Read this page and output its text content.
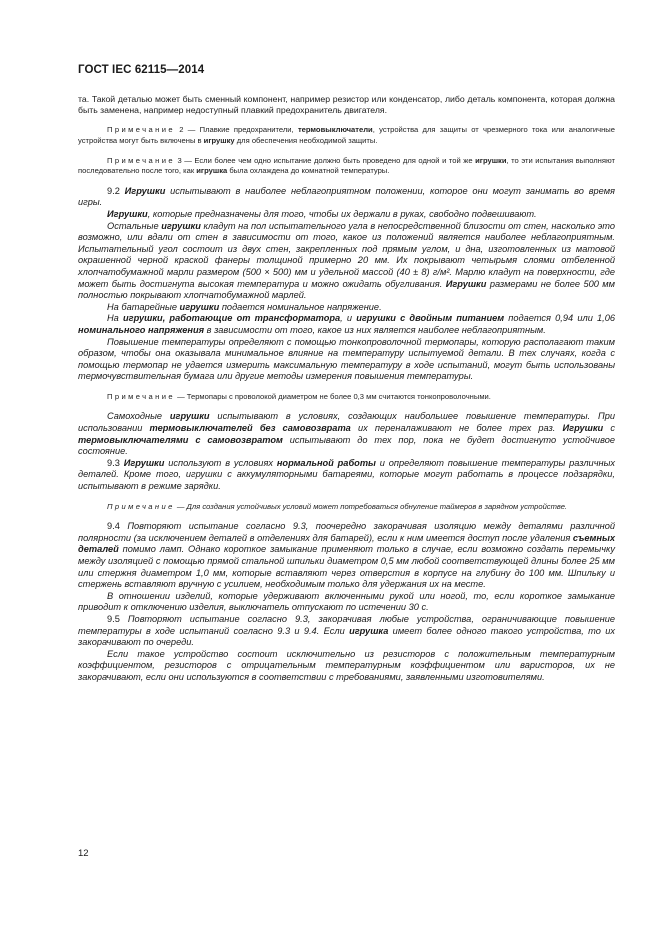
ГОСТ IEC 62115—2014

та. Такой деталью может быть сменный компонент, например резистор или конденсатор, либо деталь компонента, которая должна быть заменена, например недоступный плавкий предохранитель двигателя.

Примечание 2 — Плавкие предохранители, термовыключатели, устройства для защиты от чрезмерного тока или аналогичные устройства могут быть включены в игрушку для обеспечения необходимой защиты.

Примечание 3 — Если более чем одно испытание должно быть проведено для одной и той же игрушки, то эти испытания выполняют последовательно после того, как игрушка была охлаждена до комнатной температуры.

9.2 Игрушки испытывают в наиболее неблагоприятном положении, которое они могут занимать во время игры.

Игрушки, которые предназначены для того, чтобы их держали в руках, свободно подвешивают.

Остальные игрушки кладут на пол испытательного угла в непосредственной близости от стен, насколько это возможно, или вдали от стен в зависимости от того, какое из положений является наиболее неблагоприятным. Испытательный угол состоит из двух стен, закрепленных под прямым углом, и дна, изготовленных из матовой окрашенной черной краской фанеры толщиной примерно 20 мм. Их покрывают четырьмя слоями отбеленной хлопчатобумажной марли размером (500 × 500) мм и удельной массой (40 ± 8) г/м². Марлю кладут на поверхности, где может быть достигнута высокая температура и можно ожидать обугливания. Игрушки размерами не более 500 мм полностью покрывают хлопчатобумажной марлей.

На батарейные игрушки подается номинальное напряжение.

На игрушки, работающие от трансформатора, и игрушки с двойным питанием подается 0,94 или 1,06 номинального напряжения в зависимости от того, какое из них является наиболее неблагоприятным.

Повышение температуры определяют с помощью тонкопроволочной термопары, которую располагают таким образом, чтобы она оказывала минимальное влияние на температуру испытуемой детали. В тех случаях, когда с помощью термопар не удается измерить максимальную температуру в ходе испытаний, могут быть использованы термочувствительная бумага или другие методы измерения повышения температуры.

Примечание — Термопары с проволокой диаметром не более 0,3 мм считаются тонкопроволочными.

Самоходные игрушки испытывают в условиях, создающих наибольшее повышение температуры. При использовании термовыключателей без самовозврата их переналаживают не более трех раз. Игрушки с термовыключателями с самовозвратом испытывают до тех пор, пока не будет достигнуто устойчивое состояние.

9.3 Игрушки используют в условиях нормальной работы и определяют повышение температуры различных деталей. Кроме того, игрушки с аккумуляторными батареями, которые могут работать в процессе подзарядки, испытывают в режиме зарядки.

Примечание — Для создания устойчивых условий может потребоваться обнуление таймеров в зарядном устройстве.

9.4 Повторяют испытание согласно 9.3, поочередно закорачивая изоляцию между деталями различной полярности (за исключением деталей в отделениях для батарей), если к ним имеется доступ после удаления съемных деталей помимо ламп. Однако короткое замыкание применяют только в случае, если возможно создать перемычку между изоляцией с помощью прямой стальной шпильки диаметром 0,5 мм любой соответствующей длины более 25 мм или стержня диаметром 1,0 мм, которые вставляют через отверстия в корпусе на глубину до 100 мм. Шпильку и стержень вставляют вручную с усилием, необходимым только для удержания их на месте.

В отношении изделий, которые удерживают включенными рукой или ногой, то, если короткое замыкание приводит к отключению изделия, выключатель отпускают по истечении 30 с.

9.5 Повторяют испытание согласно 9.3, закорачивая любые устройства, ограничивающие повышение температуры в ходе испытаний согласно 9.3 и 9.4. Если игрушка имеет более одного такого устройства, то их закорачивают по очереди.

Если такое устройство состоит исключительно из резисторов с положительным температурным коэффициентом, резисторов с отрицательным температурным коэффициентом или варисторов, их не закорачивают, если они используются в соответствии с требованиями, заявленными изготовителями.

12
